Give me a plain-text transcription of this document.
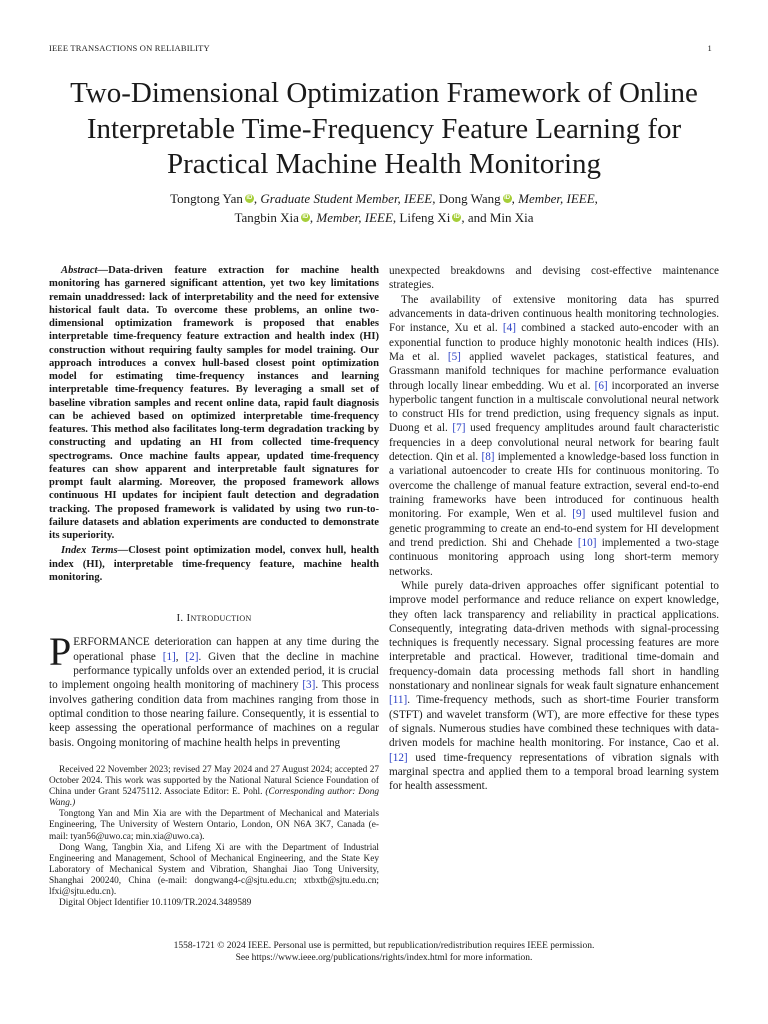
IEEE TRANSACTIONS ON RELIABILITY	1
Two-Dimensional Optimization Framework of Online Interpretable Time-Frequency Feature Learning for Practical Machine Health Monitoring
Tongtong Yan iD , Graduate Student Member, IEEE, Dong Wang iD , Member, IEEE,
Tangbin Xia iD , Member, IEEE, Lifeng Xi iD , and Min Xia

Abstract—Data-driven feature extraction for machine health monitoring has garnered significant attention, yet two key limitations remain unaddressed: lack of interpretability and the need for extensive historical fault data. To overcome these problems, an online two-dimensional optimization framework is proposed that enables interpretable time-frequency feature extraction and health index (HI) construction without requiring faulty samples for model training. Our approach introduces a convex hull-based closest point optimization model for estimating time-frequency instances and learning interpretable time-frequency features. By leveraging a small set of baseline vibration samples and recent online data, rapid fault diagnosis can be achieved based on optimized interpretable time-frequency features. This method also facilitates long-term degradation tracking by constructing and updating an HI from collected time-frequency spectrograms. Once machine faults appear, updated time-frequency features can show apparent and interpretable fault signatures for prompt fault alarming. Moreover, the proposed framework allows continuous HI updates for incipient fault detection and degradation tracking. The proposed framework is validated by using two run-to-failure datasets and ablation experiments are conducted to demonstrate its superiority.

Index Terms—Closest point optimization model, convex hull, health index (HI), interpretable time-frequency feature, machine health monitoring.

I. Introduction

PERFORMANCE deterioration can happen at any time during the operational phase [1], [2]. Given that the decline in machine performance typically unfolds over an extended period, it is crucial to implement ongoing health monitoring of machinery [3]. This process involves gathering condition data from machines ranging from those in optimal condition to those nearing failure. Consequently, it is essential to keep assessing the operational performance of machines on a regular basis. Ongoing monitoring of machine health helps in preventing

Received 22 November 2023; revised 27 May 2024 and 27 August 2024; accepted 27 October 2024. This work was supported by the National Natural Science Foundation of China under Grant 52475112. Associate Editor: E. Pohl. (Corresponding author: Dong Wang.)

Tongtong Yan and Min Xia are with the Department of Mechanical and Materials Engineering, The University of Western Ontario, London, ON N6A 3K7, Canada (e-mail: tyan56@uwo.ca; min.xia@uwo.ca).

Dong Wang, Tangbin Xia, and Lifeng Xi are with the Department of Industrial Engineering and Management, School of Mechanical Engineering, and the State Key Laboratory of Mechanical System and Vibration, Shanghai Jiao Tong University, Shanghai 200240, China (e-mail: dongwang4-c@sjtu.edu.cn; xtbxtb@sjtu.edu.cn; lfxi@sjtu.edu.cn).

Digital Object Identifier 10.1109/TR.2024.3489589

unexpected breakdowns and devising cost-effective maintenance strategies.

The availability of extensive monitoring data has spurred advancements in data-driven continuous health monitoring technologies. For instance, Xu et al. [4] combined a stacked auto-encoder with an exponential function to produce highly monotonic health indices (HIs). Ma et al. [5] applied wavelet packages, statistical features, and Grassmann manifold techniques for machine performance evaluation through locally linear embedding. Wu et al. [6] incorporated an inverse hyperbolic tangent function in a multiscale convolutional neural network to construct HIs for trend prediction, using frequency signals as input. Duong et al. [7] used frequency amplitudes around fault characteristic frequencies in a deep convolutional neural network for bearing fault detection. Qin et al. [8] implemented a knowledge-based loss function in a variational autoencoder to create HIs for continuous monitoring. To overcome the challenge of manual feature extraction, several end-to-end training frameworks have been introduced for continuous health monitoring. For example, Wen et al. [9] used multilevel fusion and genetic programming to create an end-to-end system for HI development and trend prediction. Shi and Chehade [10] implemented a two-stage continuous monitoring approach using long short-term memory networks.

While purely data-driven approaches offer significant potential to improve model performance and reduce reliance on expert knowledge, they often lack transparency and reliability in practical applications. Consequently, integrating data-driven methods with signal-processing techniques is frequently necessary. Signal processing features are more interpretable and practical. However, traditional time-domain and frequency-domain data processing methods fall short in handling nonstationary and nonlinear signals for weak fault signature enhancement [11]. Time-frequency methods, such as short-time Fourier transform (STFT) and wavelet transform (WT), are more effective for these types of signals. Numerous studies have combined these techniques with data-driven models for machine health monitoring. For instance, Cao et al. [12] used time-frequency representations of vibration signals with marginal spectra and applied them to a temporal broad learning system for health assessment.

1558-1721 © 2024 IEEE. Personal use is permitted, but republication/redistribution requires IEEE permission.
See https://www.ieee.org/publications/rights/index.html for more information.
